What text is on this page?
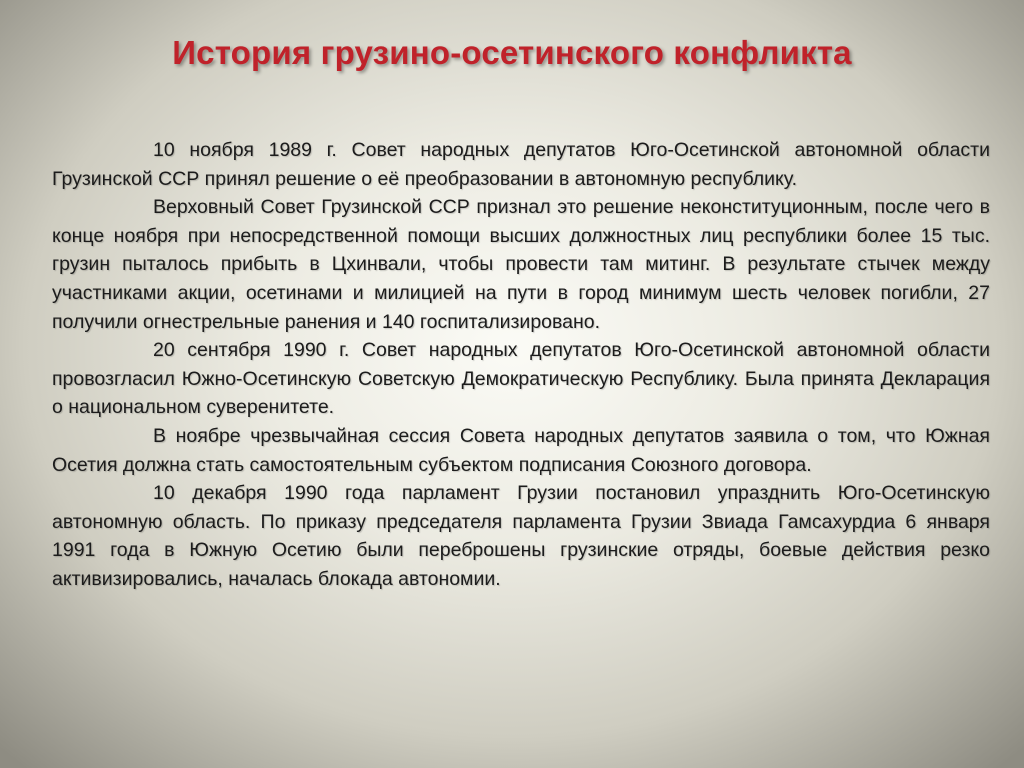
История грузино-осетинского конфликта

10 ноября 1989 г. Совет народных депутатов Юго-Осетинской автономной области Грузинской ССР принял решение о её преобразовании в автономную республику.

Верховный Совет Грузинской ССР признал это решение неконституционным, после чего в конце ноября при непосредственной помощи высших должностных лиц республики более 15 тыс. грузин пыталось прибыть в Цхинвали, чтобы провести там митинг. В результате стычек между участниками акции, осетинами и милицией на пути в город минимум шесть человек погибли, 27 получили огнестрельные ранения и 140 госпитализировано.

20 сентября 1990 г. Совет народных депутатов Юго-Осетинской автономной области провозгласил Южно-Осетинскую Советскую Демократическую Республику. Была принята Декларация о национальном суверенитете.

В ноябре чрезвычайная сессия Совета народных депутатов заявила о том, что Южная Осетия должна стать самостоятельным субъектом подписания Союзного договора.

10 декабря 1990 года парламент Грузии постановил упразднить Юго-Осетинскую автономную область. По приказу председателя парламента Грузии Звиада Гамсахурдиа 6 января 1991 года в Южную Осетию были переброшены грузинские отряды, боевые действия резко активизировались, началась блокада автономии.
